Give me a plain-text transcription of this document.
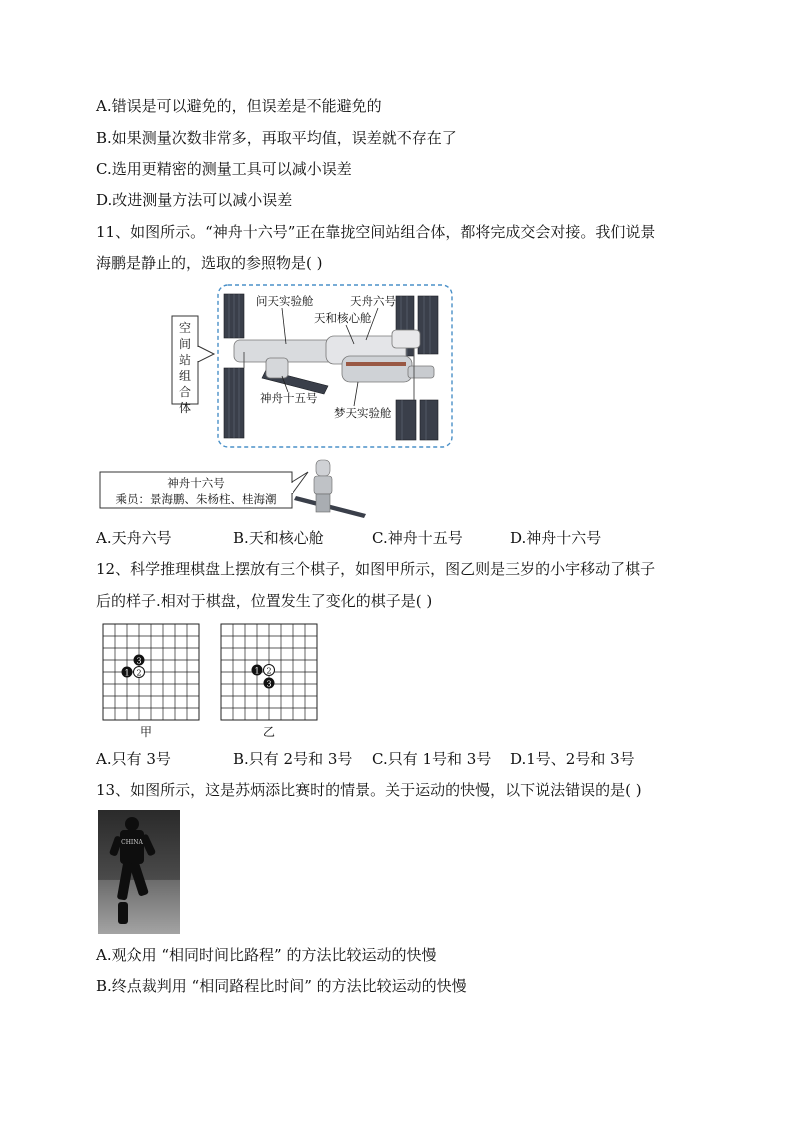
A.错误是可以避免的，但误差是不能避免的
B.如果测量次数非常多，再取平均值，误差就不存在了
C.选用更精密的测量工具可以减小误差
D.改进测量方法可以减小误差
11、如图所示。“神舟十六号”正在靠拢空间站组合体，都将完成交会对接。我们说景
海鹏是静止的，选取的参照物是( )
空
间
站
组
合
体
问天实验舱	天舟六号
天和核心舱
神舟十五号
梦天实验舱
神舟十六号
乘员：景海鹏、朱杨柱、桂海潮
A.天舟六号	B.天和核心舱	C.神舟十五号	D.神舟十六号
12、科学推理棋盘上摆放有三个棋子，如图甲所示，图乙则是三岁的小宇移动了棋子
后的样子.相对于棋盘，位置发生了变化的棋子是( )
3
1 2	1 2
3
甲	乙
A.只有 3号	B.只有 2号和 3号 C.只有 1号和 3号 D.1号、2号和 3号
13、如图所示，这是苏炳添比赛时的情景。关于运动的快慢，以下说法错误的是( )
CHINA
A.观众用 “相同时间比路程” 的方法比较运动的快慢
B.终点裁判用 “相同路程比时间” 的方法比较运动的快慢
